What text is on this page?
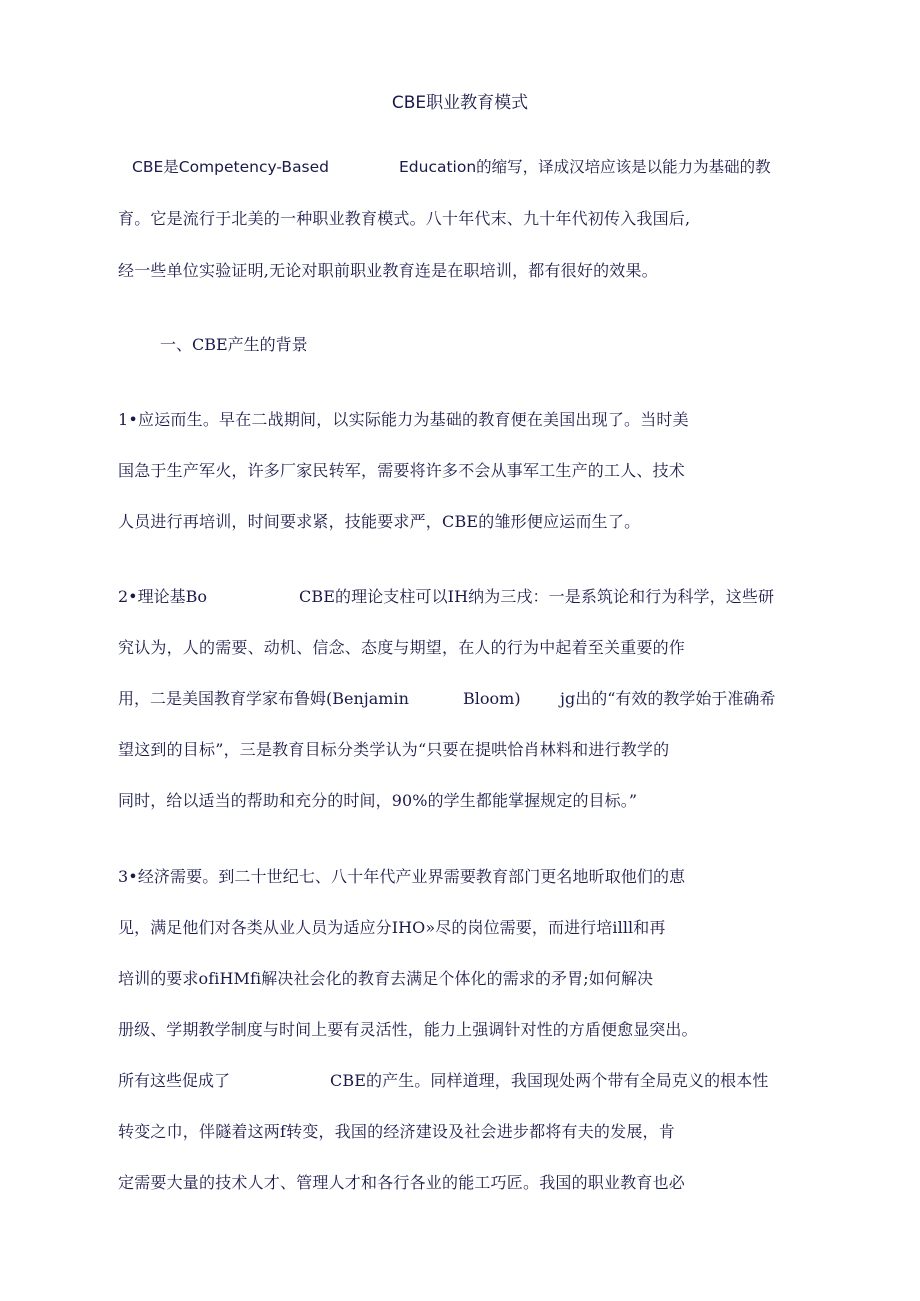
CBE职业教育模式
CBE是Competency-Based	Education的缩写，译成汉培应该是以能力为基础的教
育。它是流行于北美的一种职业教育模式。八十年代末、九十年代初传入我国后,
经一些单位实验证明,无论对职前职业教育连是在职培训，都有很好的效果。
一、CBE产生的背景
1•应运而生。早在二战期间，以实际能力为基础的教育便在美国出现了。当时美
国急于生产军火，许多厂家民转军，需要将许多不会从事军工生产的工人、技术
人员进行再培训，时间要求紧，技能要求严，CBE的雏形便应运而生了。
2•理论基Bo	CBE的理论支柱可以IH纳为三戌：一是系筑论和行为科学，这些研
究认为，人的需要、动机、信念、态度与期望，在人的行为中起着至关重要的作
用，二是美国教育学家布鲁姆(Benjamin	Bloom) jg出的“有效的教学始于准确希
望这到的目标”，三是教育目标分类学认为“只要在提哄恰肖林料和进行教学的
同时，给以适当的帮助和充分的时间，90%的学生都能掌握规定的目标。”
3•经济需要。到二十世纪七、八十年代产业界需要教育部门更名地昕取他们的恵
见，满足他们对各类从业人员为适应分IHO»尽的岗位需要，而进行培illl和再
培训的要求ofiHMfi解决社会化的教育去满足个体化的需求的矛胃;如何解决
册级、学期教学制度与时间上要有灵活性，能力上强调针对性的方盾便愈显突出。
所有这些促成了	CBE的产生。同样道理，我国现处两个带有全局克义的根本性
转变之巾，伴隧着这两f转变，我国的经济建设及社会进步都将有夫的发展，肯
定需要大量的技术人才、管理人才和各行各业的能工巧匠。我国的职业教育也必
